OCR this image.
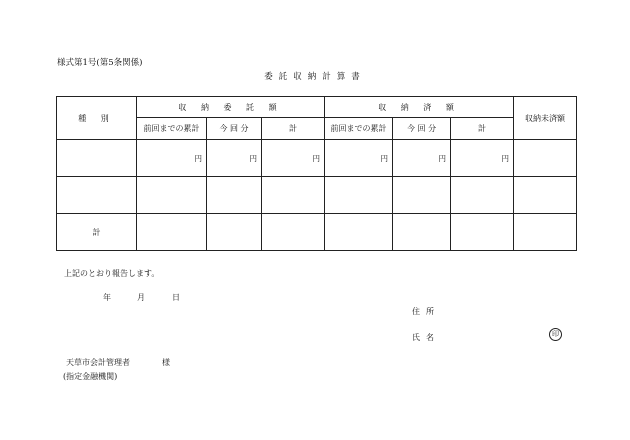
様式第1号(第5条関係)
委託収納計算書
種 別	収 納 委 託 額			収 納 済 額			収納未済額
	前回までの累計	今 回 分	計	前回までの累計	今 回 分	計	

	円	円	円	円	円	円	

計							
上記のとおり報告します。
年	月	日
住所
氏名	印
天草市会計管理者	様
(指定金融機関)
